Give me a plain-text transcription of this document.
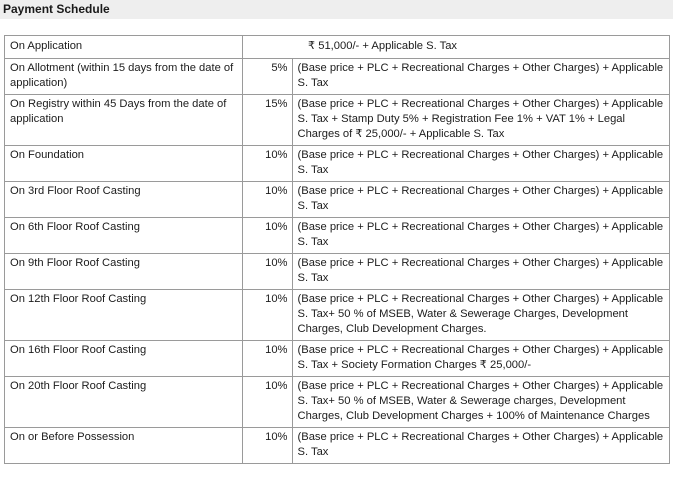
Payment Schedule
On Application		₹ 51,000/- + Applicable S. Tax
On Allotment (within 15 days from the date of application)	5%	(Base price + PLC + Recreational Charges + Other Charges) + Applicable S. Tax
On Registry within 45 Days from the date of application	15%	(Base price + PLC + Recreational Charges + Other Charges) + Applicable S. Tax + Stamp Duty 5% + Registration Fee 1% + VAT 1% + Legal Charges of ₹ 25,000/- + Applicable S. Tax
On Foundation	10%	(Base price + PLC + Recreational Charges + Other Charges) + Applicable S. Tax
On 3rd Floor Roof Casting	10%	(Base price + PLC + Recreational Charges + Other Charges) + Applicable S. Tax
On 6th Floor Roof Casting	10%	(Base price + PLC + Recreational Charges + Other Charges) + Applicable S. Tax
On 9th Floor Roof Casting	10%	(Base price + PLC + Recreational Charges + Other Charges) + Applicable S. Tax
On 12th Floor Roof Casting	10%	(Base price + PLC + Recreational Charges + Other Charges) + Applicable S. Tax+ 50 % of MSEB, Water & Sewerage Charges, Development Charges, Club Development Charges.
On 16th Floor Roof Casting	10%	(Base price + PLC + Recreational Charges + Other Charges) + Applicable S. Tax + Society Formation Charges ₹ 25,000/-
On 20th Floor Roof Casting	10%	(Base price + PLC + Recreational Charges + Other Charges) + Applicable S. Tax+ 50 % of MSEB, Water & Sewerage charges, Development Charges, Club Development Charges + 100% of Maintenance Charges
On or Before Possession	10%	(Base price + PLC + Recreational Charges + Other Charges) + Applicable S. Tax
